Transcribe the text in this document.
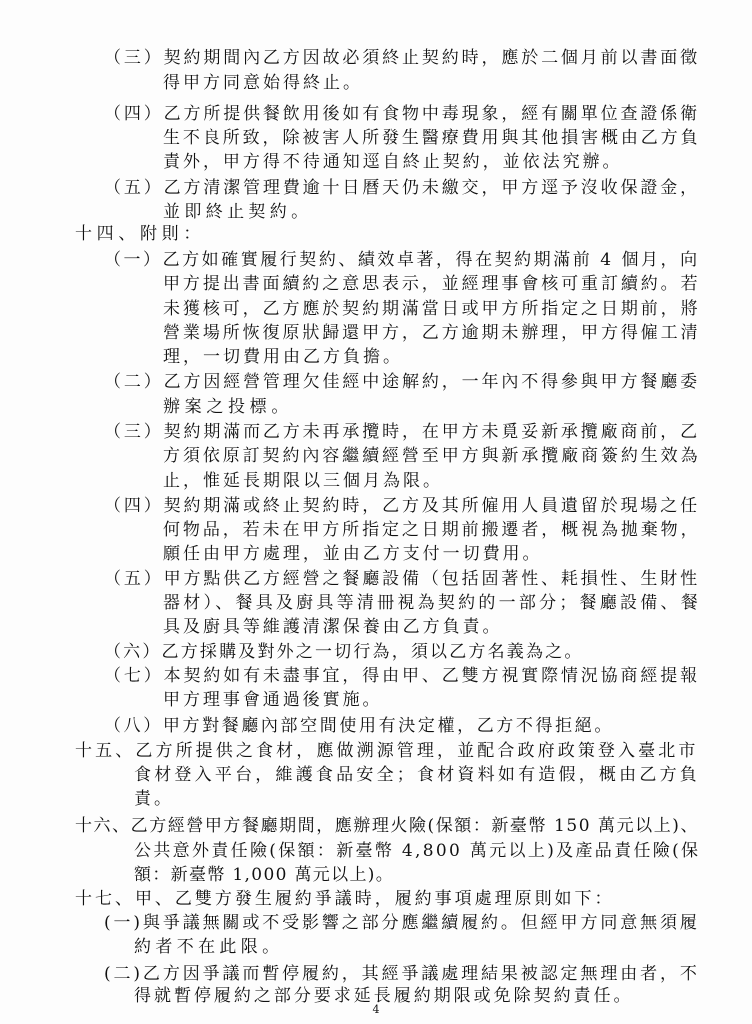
（三）契約期間內乙方因故必須終止契約時，應於二個月前以書面徵
得甲方同意始得終止。
（四）乙方所提供餐飲用後如有食物中毒現象，經有關單位查證係衛
生不良所致，除被害人所發生醫療費用與其他損害概由乙方負
責外，甲方得不待通知逕自終止契約，並依法究辦。
（五）乙方清潔管理費逾十日曆天仍未繳交，甲方逕予沒收保證金，
並即終止契約。
十四、附則：
（一）乙方如確實履行契約、績效卓著，得在契約期滿前 4 個月，向
甲方提出書面續約之意思表示，並經理事會核可重訂續約。若
未獲核可，乙方應於契約期滿當日或甲方所指定之日期前，將
營業場所恢復原狀歸還甲方，乙方逾期未辦理，甲方得僱工清
理，一切費用由乙方負擔。
（二）乙方因經營管理欠佳經中途解約，一年內不得參與甲方餐廳委
辦案之投標。
（三）契約期滿而乙方未再承攬時，在甲方未覓妥新承攬廠商前，乙
方須依原訂契約內容繼續經營至甲方與新承攬廠商簽約生效為
止，惟延長期限以三個月為限。
（四）契約期滿或終止契約時，乙方及其所僱用人員遺留於現場之任
何物品，若未在甲方所指定之日期前搬遷者，概視為拋棄物，
願任由甲方處理，並由乙方支付一切費用。
（五）甲方點供乙方經營之餐廳設備（包括固著性、耗損性、生財性
器材）、餐具及廚具等清冊視為契約的一部分；餐廳設備、餐
具及廚具等維護清潔保養由乙方負責。
（六）乙方採購及對外之一切行為，須以乙方名義為之。
（七）本契約如有未盡事宜，得由甲、乙雙方視實際情況協商經提報
甲方理事會通過後實施。
（八）甲方對餐廳內部空間使用有決定權，乙方不得拒絕。
十五、乙方所提供之食材，應做溯源管理，並配合政府政策登入臺北市
食材登入平台，維護食品安全；食材資料如有造假，概由乙方負
責。
十六、乙方經營甲方餐廳期間，應辦理火險(保額：新臺幣 150 萬元以上)、
公共意外責任險(保額：新臺幣 4,800 萬元以上)及產品責任險(保
額：新臺幣 1,000 萬元以上)。
十七、甲、乙雙方發生履約爭議時，履約事項處理原則如下：
(一)與爭議無關或不受影響之部分應繼續履約。但經甲方同意無須履
約者不在此限。
(二)乙方因爭議而暫停履約，其經爭議處理結果被認定無理由者，不
得就暫停履約之部分要求延長履約期限或免除契約責任。
4
